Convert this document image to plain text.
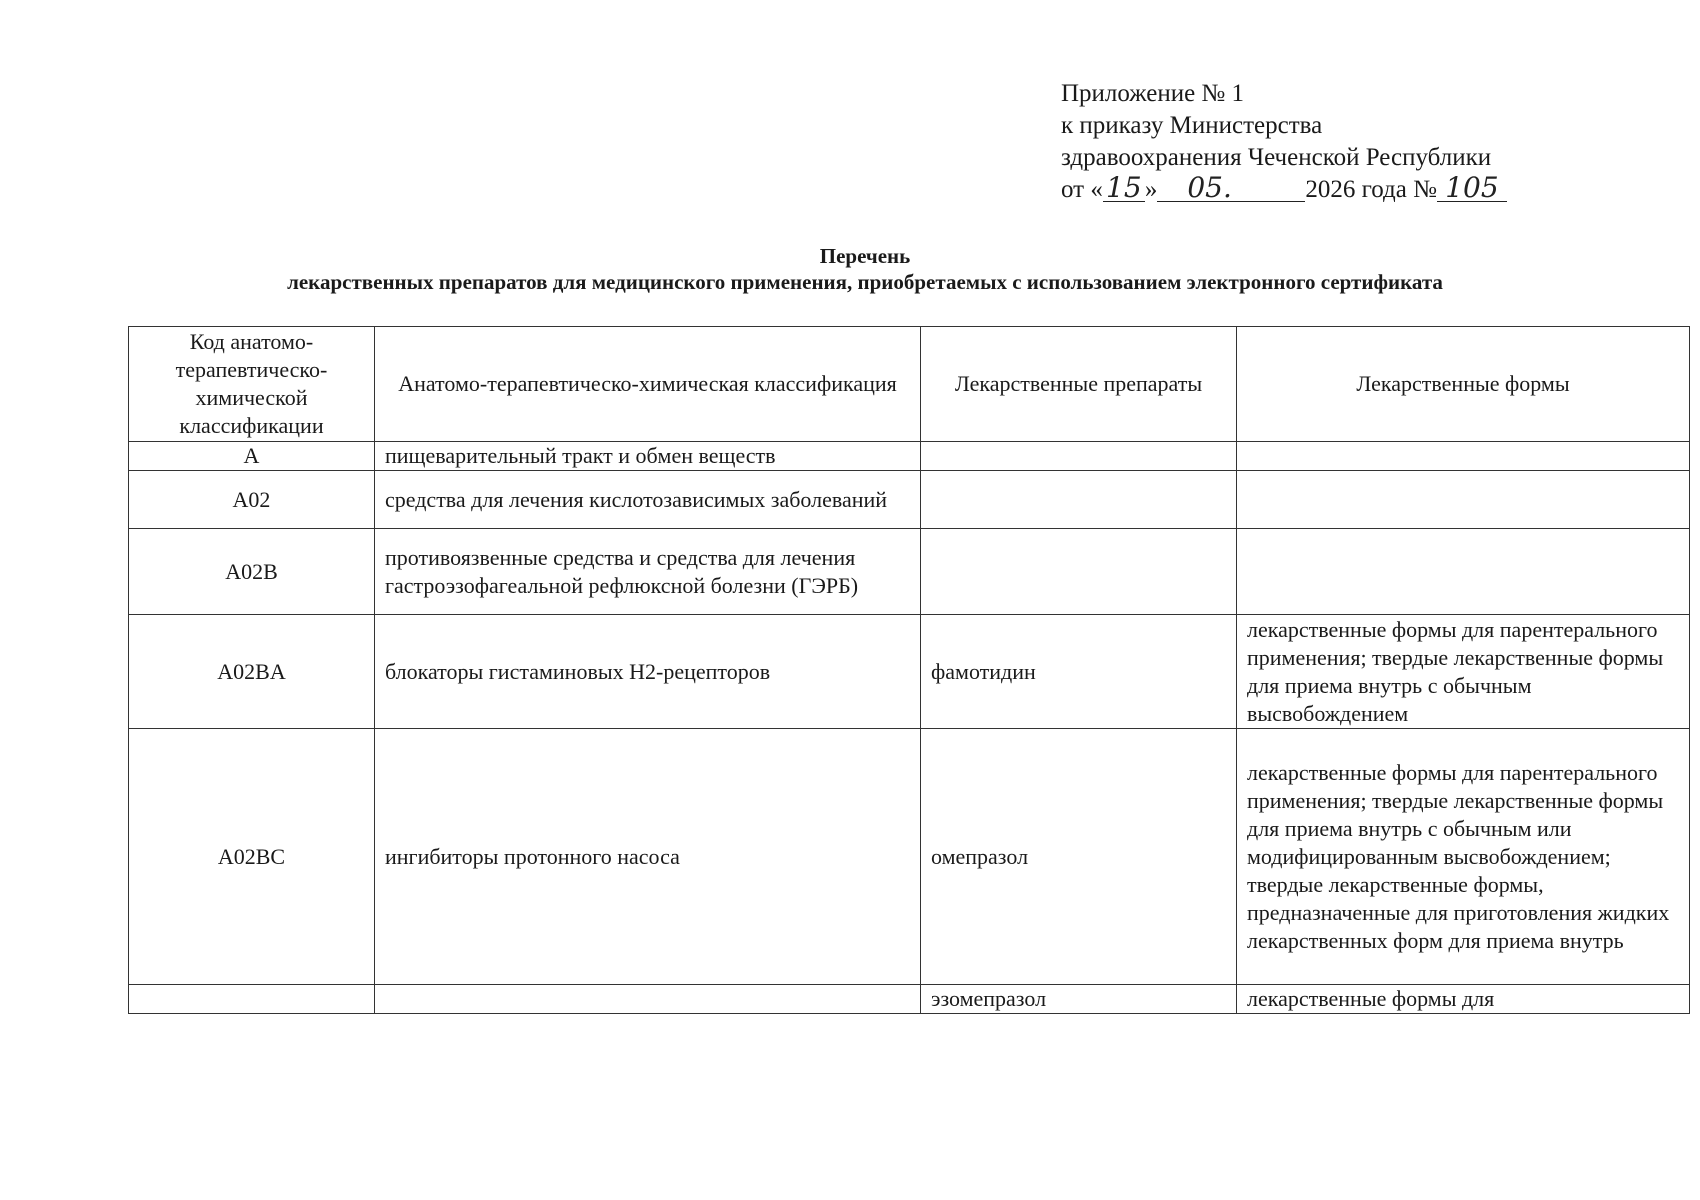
Приложение № 1
к приказу Министерства
здравоохранения Чеченской Республики
от « 15 » 05.	2026 года № 105
Перечень
лекарственных препаратов для медицинского применения, приобретаемых с использованием электронного сертификата
Код анатомо-терапевтическо-химической классификации	Анатомо-терапевтическо-химическая классификация	Лекарственные препараты	Лекарственные формы
A	пищеварительный тракт и обмен веществ		
A02	средства для лечения кислотозависимых заболеваний		
A02B	противоязвенные средства и средства для лечения гастроэзофагеальной рефлюксной болезни (ГЭРБ)		
A02BA	блокаторы гистаминовых Н2-рецепторов	фамотидин	лекарственные формы для парентерального применения; твердые лекарственные формы для приема внутрь с обычным высвобождением
A02BC	ингибиторы протонного насоса	омепразол	лекарственные формы для парентерального применения; твердые лекарственные формы для приема внутрь с обычным или модифицированным высвобождением; твердые лекарственные формы, предназначенные для приготовления жидких лекарственных форм для приема внутрь
		эзомепразол	лекарственные формы для
